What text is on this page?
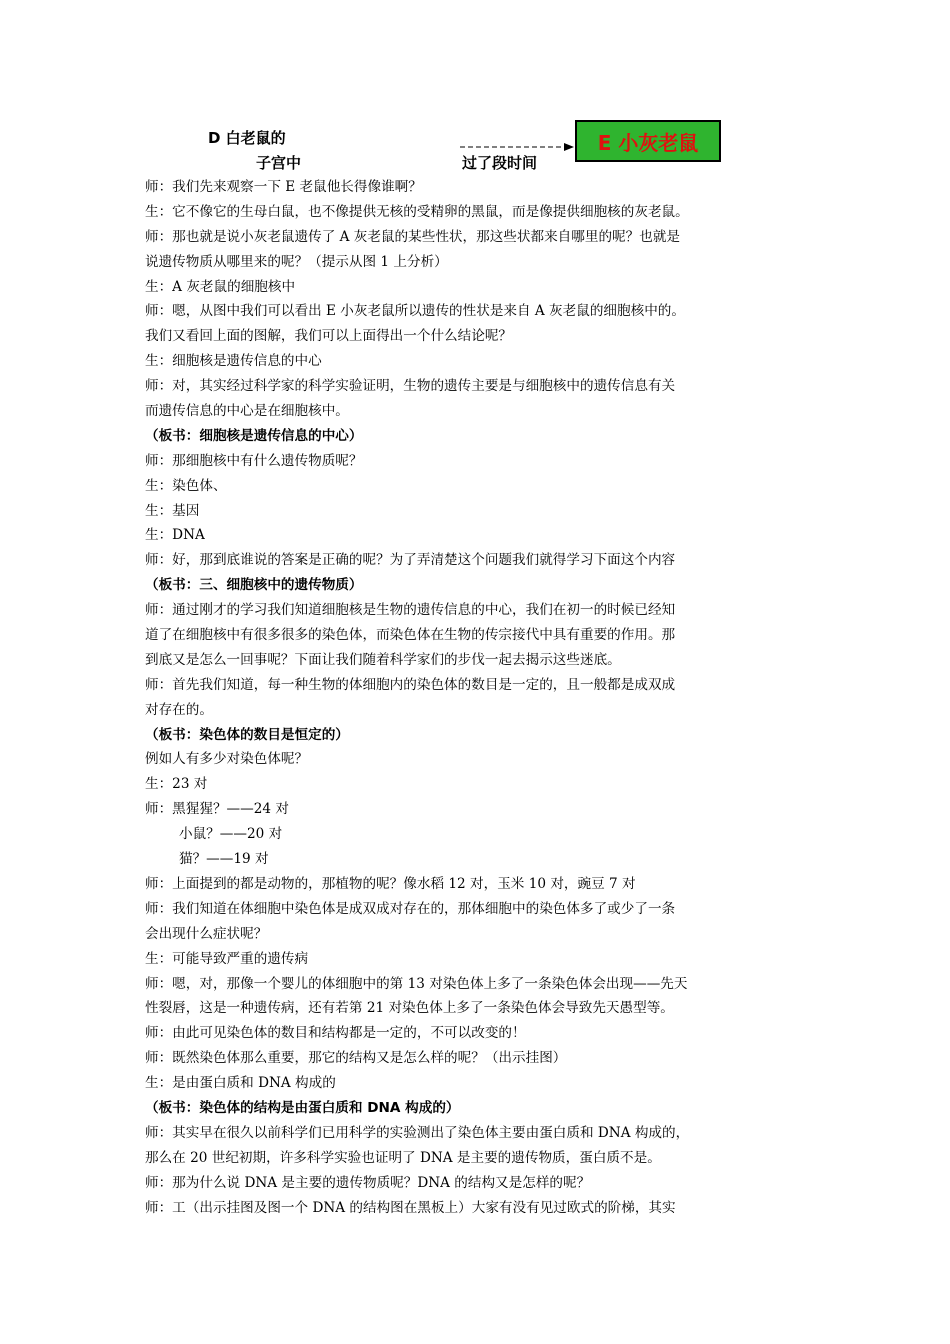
D 白老鼠的
子宫中	过了段时间
E 小灰老鼠

师：我们先来观察一下 E 老鼠他长得像谁啊？

生：它不像它的生母白鼠，也不像提供无核的受精卵的黑鼠，而是像提供细胞核的灰老鼠。

师：那也就是说小灰老鼠遗传了 A 灰老鼠的某些性状，那这些状都来自哪里的呢？也就是

说遗传物质从哪里来的呢？（提示从图 1 上分析）

生：A 灰老鼠的细胞核中

师：嗯，从图中我们可以看出 E 小灰老鼠所以遗传的性状是来自 A 灰老鼠的细胞核中的。

我们又看回上面的图解，我们可以上面得出一个什么结论呢？

生：细胞核是遗传信息的中心

师：对，其实经过科学家的科学实验证明，生物的遗传主要是与细胞核中的遗传信息有关

而遗传信息的中心是在细胞核中。

（板书：细胞核是遗传信息的中心）

师：那细胞核中有什么遗传物质呢？

生：染色体、

生：基因

生：DNA

师：好，那到底谁说的答案是正确的呢？为了弄清楚这个问题我们就得学习下面这个内容

（板书：三、细胞核中的遗传物质）

师：通过刚才的学习我们知道细胞核是生物的遗传信息的中心，我们在初一的时候已经知

道了在细胞核中有很多很多的染色体，而染色体在生物的传宗接代中具有重要的作用。那

到底又是怎么一回事呢？下面让我们随着科学家们的步伐一起去揭示这些迷底。

师：首先我们知道，每一种生物的体细胞内的染色体的数目是一定的，且一般都是成双成

对存在的。

（板书：染色体的数目是恒定的）

例如人有多少对染色体呢？

生：23 对

师：黑猩猩？——24 对

小鼠？——20 对

猫？——19 对

师：上面提到的都是动物的，那植物的呢？像水稻 12 对，玉米 10 对，豌豆 7 对

师：我们知道在体细胞中染色体是成双成对存在的，那体细胞中的染色体多了或少了一条

会出现什么症状呢？

生：可能导致严重的遗传病

师：嗯，对，那像一个婴儿的体细胞中的第 13 对染色体上多了一条染色体会出现——先天

性裂唇，这是一种遗传病，还有若第 21 对染色体上多了一条染色体会导致先天愚型等。

师：由此可见染色体的数目和结构都是一定的，不可以改变的！

师：既然染色体那么重要，那它的结构又是怎么样的呢？（出示挂图）

生：是由蛋白质和 DNA 构成的

（板书：染色体的结构是由蛋白质和 DNA 构成的）

师：其实早在很久以前科学们已用科学的实验测出了染色体主要由蛋白质和 DNA 构成的，

那么在 20 世纪初期，许多科学实验也证明了 DNA 是主要的遗传物质，蛋白质不是。

师：那为什么说 DNA 是主要的遗传物质呢？DNA 的结构又是怎样的呢？

师：工（出示挂图及图一个 DNA 的结构图在黑板上）大家有没有见过欧式的阶梯，其实
